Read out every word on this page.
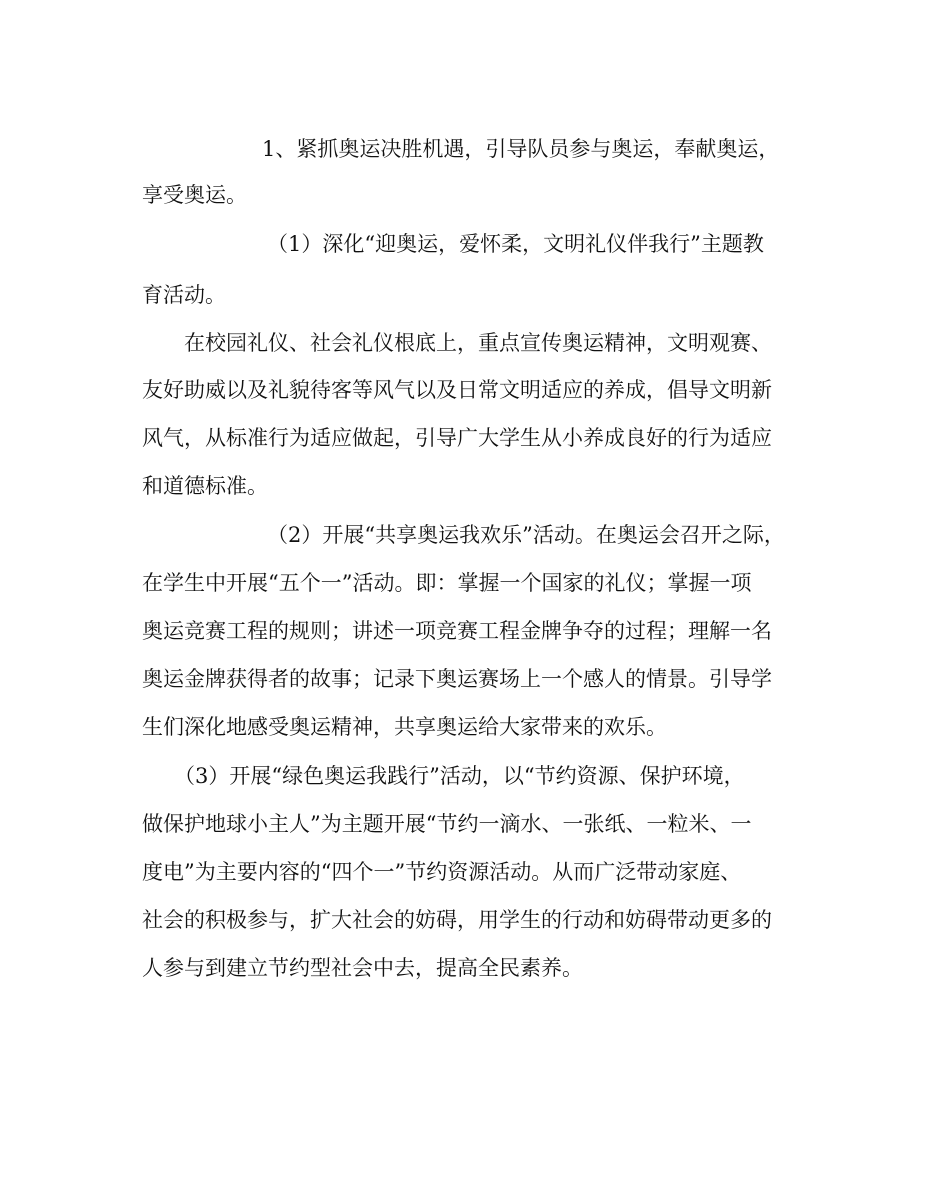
1、紧抓奥运决胜机遇，引导队员参与奥运，奉献奥运，

享受奥运。

（1）深化“迎奥运，爱怀柔，文明礼仪伴我行”主题教

育活动。

在校园礼仪、社会礼仪根底上，重点宣传奥运精神，文明观赛、

友好助威以及礼貌待客等风气以及日常文明适应的养成，倡导文明新

风气，从标准行为适应做起，引导广大学生从小养成良好的行为适应

和道德标准。

（2）开展“共享奥运我欢乐”活动。在奥运会召开之际，

在学生中开展“五个一”活动。即：掌握一个国家的礼仪；掌握一项

奥运竞赛工程的规则；讲述一项竞赛工程金牌争夺的过程；理解一名

奥运金牌获得者的故事；记录下奥运赛场上一个感人的情景。引导学

生们深化地感受奥运精神，共享奥运给大家带来的欢乐。

（3）开展“绿色奥运我践行”活动，以“节约资源、保护环境，

做保护地球小主人”为主题开展“节约一滴水、一张纸、一粒米、一

度电”为主要内容的“四个一”节约资源活动。从而广泛带动家庭、

社会的积极参与，扩大社会的妨碍，用学生的行动和妨碍带动更多的

人参与到建立节约型社会中去，提高全民素养。
